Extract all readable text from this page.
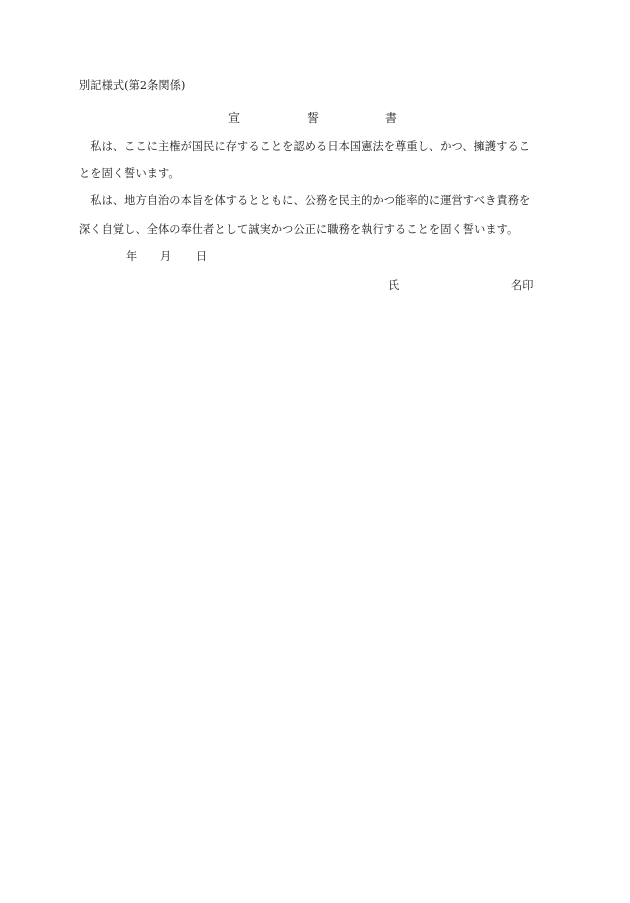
別記様式(第2条関係)
宣	誓	書
　私は、ここに主権が国民に存することを認める日本国憲法を尊重し、かつ、擁護するこ
とを固く誓います。
　私は、地方自治の本旨を体するとともに、公務を民主的かつ能率的に運営すべき責務を
深く自覚し、全体の奉仕者として誠実かつ公正に職務を執行することを固く誓います。
年 月 日
氏	名印
